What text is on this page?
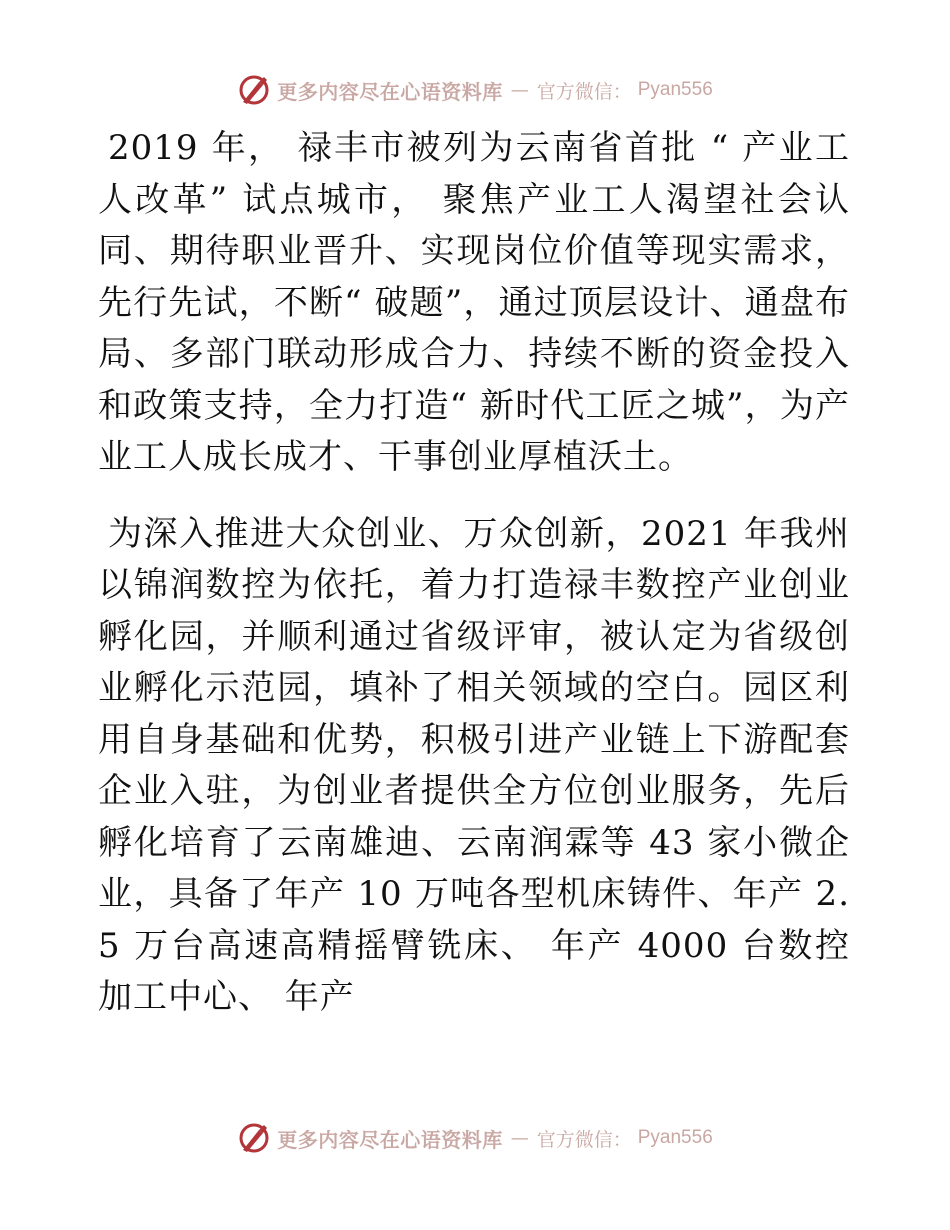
更多内容尽在心语资料库 — 官方微信： Pyan556

2019 年， 禄丰市被列为云南省首批 “ 产业工人改革” 试点城市， 聚焦产业工人渴望社会认同、期待职业晋升、实现岗位价值等现实需求，先行先试，不断“ 破题”，通过顶层设计、通盘布局、多部门联动形成合力、持续不断的资金投入和政策支持，全力打造“ 新时代工匠之城”，为产业工人成长成才、干事创业厚植沃土。

为深入推进大众创业、万众创新，2021 年我州以锦润数控为依托，着力打造禄丰数控产业创业孵化园，并顺利通过省级评审，被认定为省级创业孵化示范园，填补了相关领域的空白。园区利用自身基础和优势，积极引进产业链上下游配套企业入驻，为创业者提供全方位创业服务，先后孵化培育了云南雄迪、云南润霖等 43 家小微企业，具备了年产 10 万吨各型机床铸件、年产 2.5 万台高速高精摇臂铣床、 年产 4000 台数控加工中心、 年产

更多内容尽在心语资料库 — 官方微信： Pyan556
